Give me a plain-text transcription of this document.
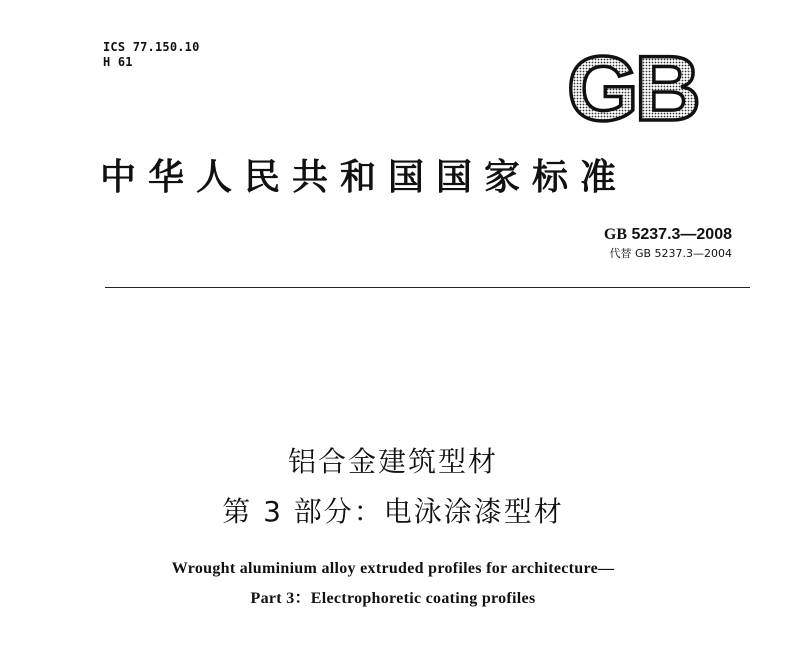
ICS 77.150.10
H 61	GB
中华人民共和国国家标准
GB 5237.3—2008
代替 GB 5237.3—2004
铝合金建筑型材
第 3 部分：电泳涂漆型材
Wrought aluminium alloy extruded profiles for architecture—
Part 3：Electrophoretic coating profiles
